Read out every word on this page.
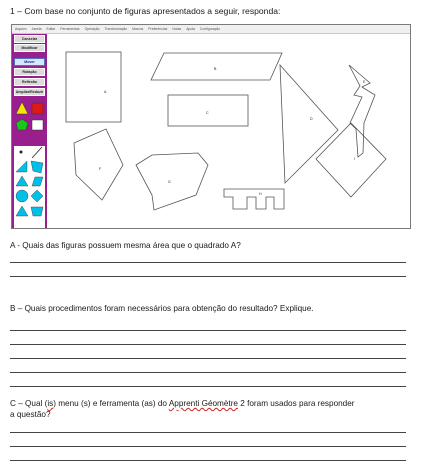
1 – Com base no conjunto de figuras apresentados a seguir, responda:
Arquivo Janela Editar Ferramentas Operação Transformação Macros Preferências Notas Ajuda Configuração
Cancelar
Modificar
Mover
Rotação
Reflexão
Ampliar/Reduzir	A
B
C
D
E
F
G
H
I
A - Quais das figuras possuem mesma área que o quadrado A?
B – Quais procedimentos foram necessários para obtenção do resultado? Explique.
C – Qual (is) menu (s) e ferramenta (as) do Apprenti Géomètre 2 foram usados para responder
a questão?
